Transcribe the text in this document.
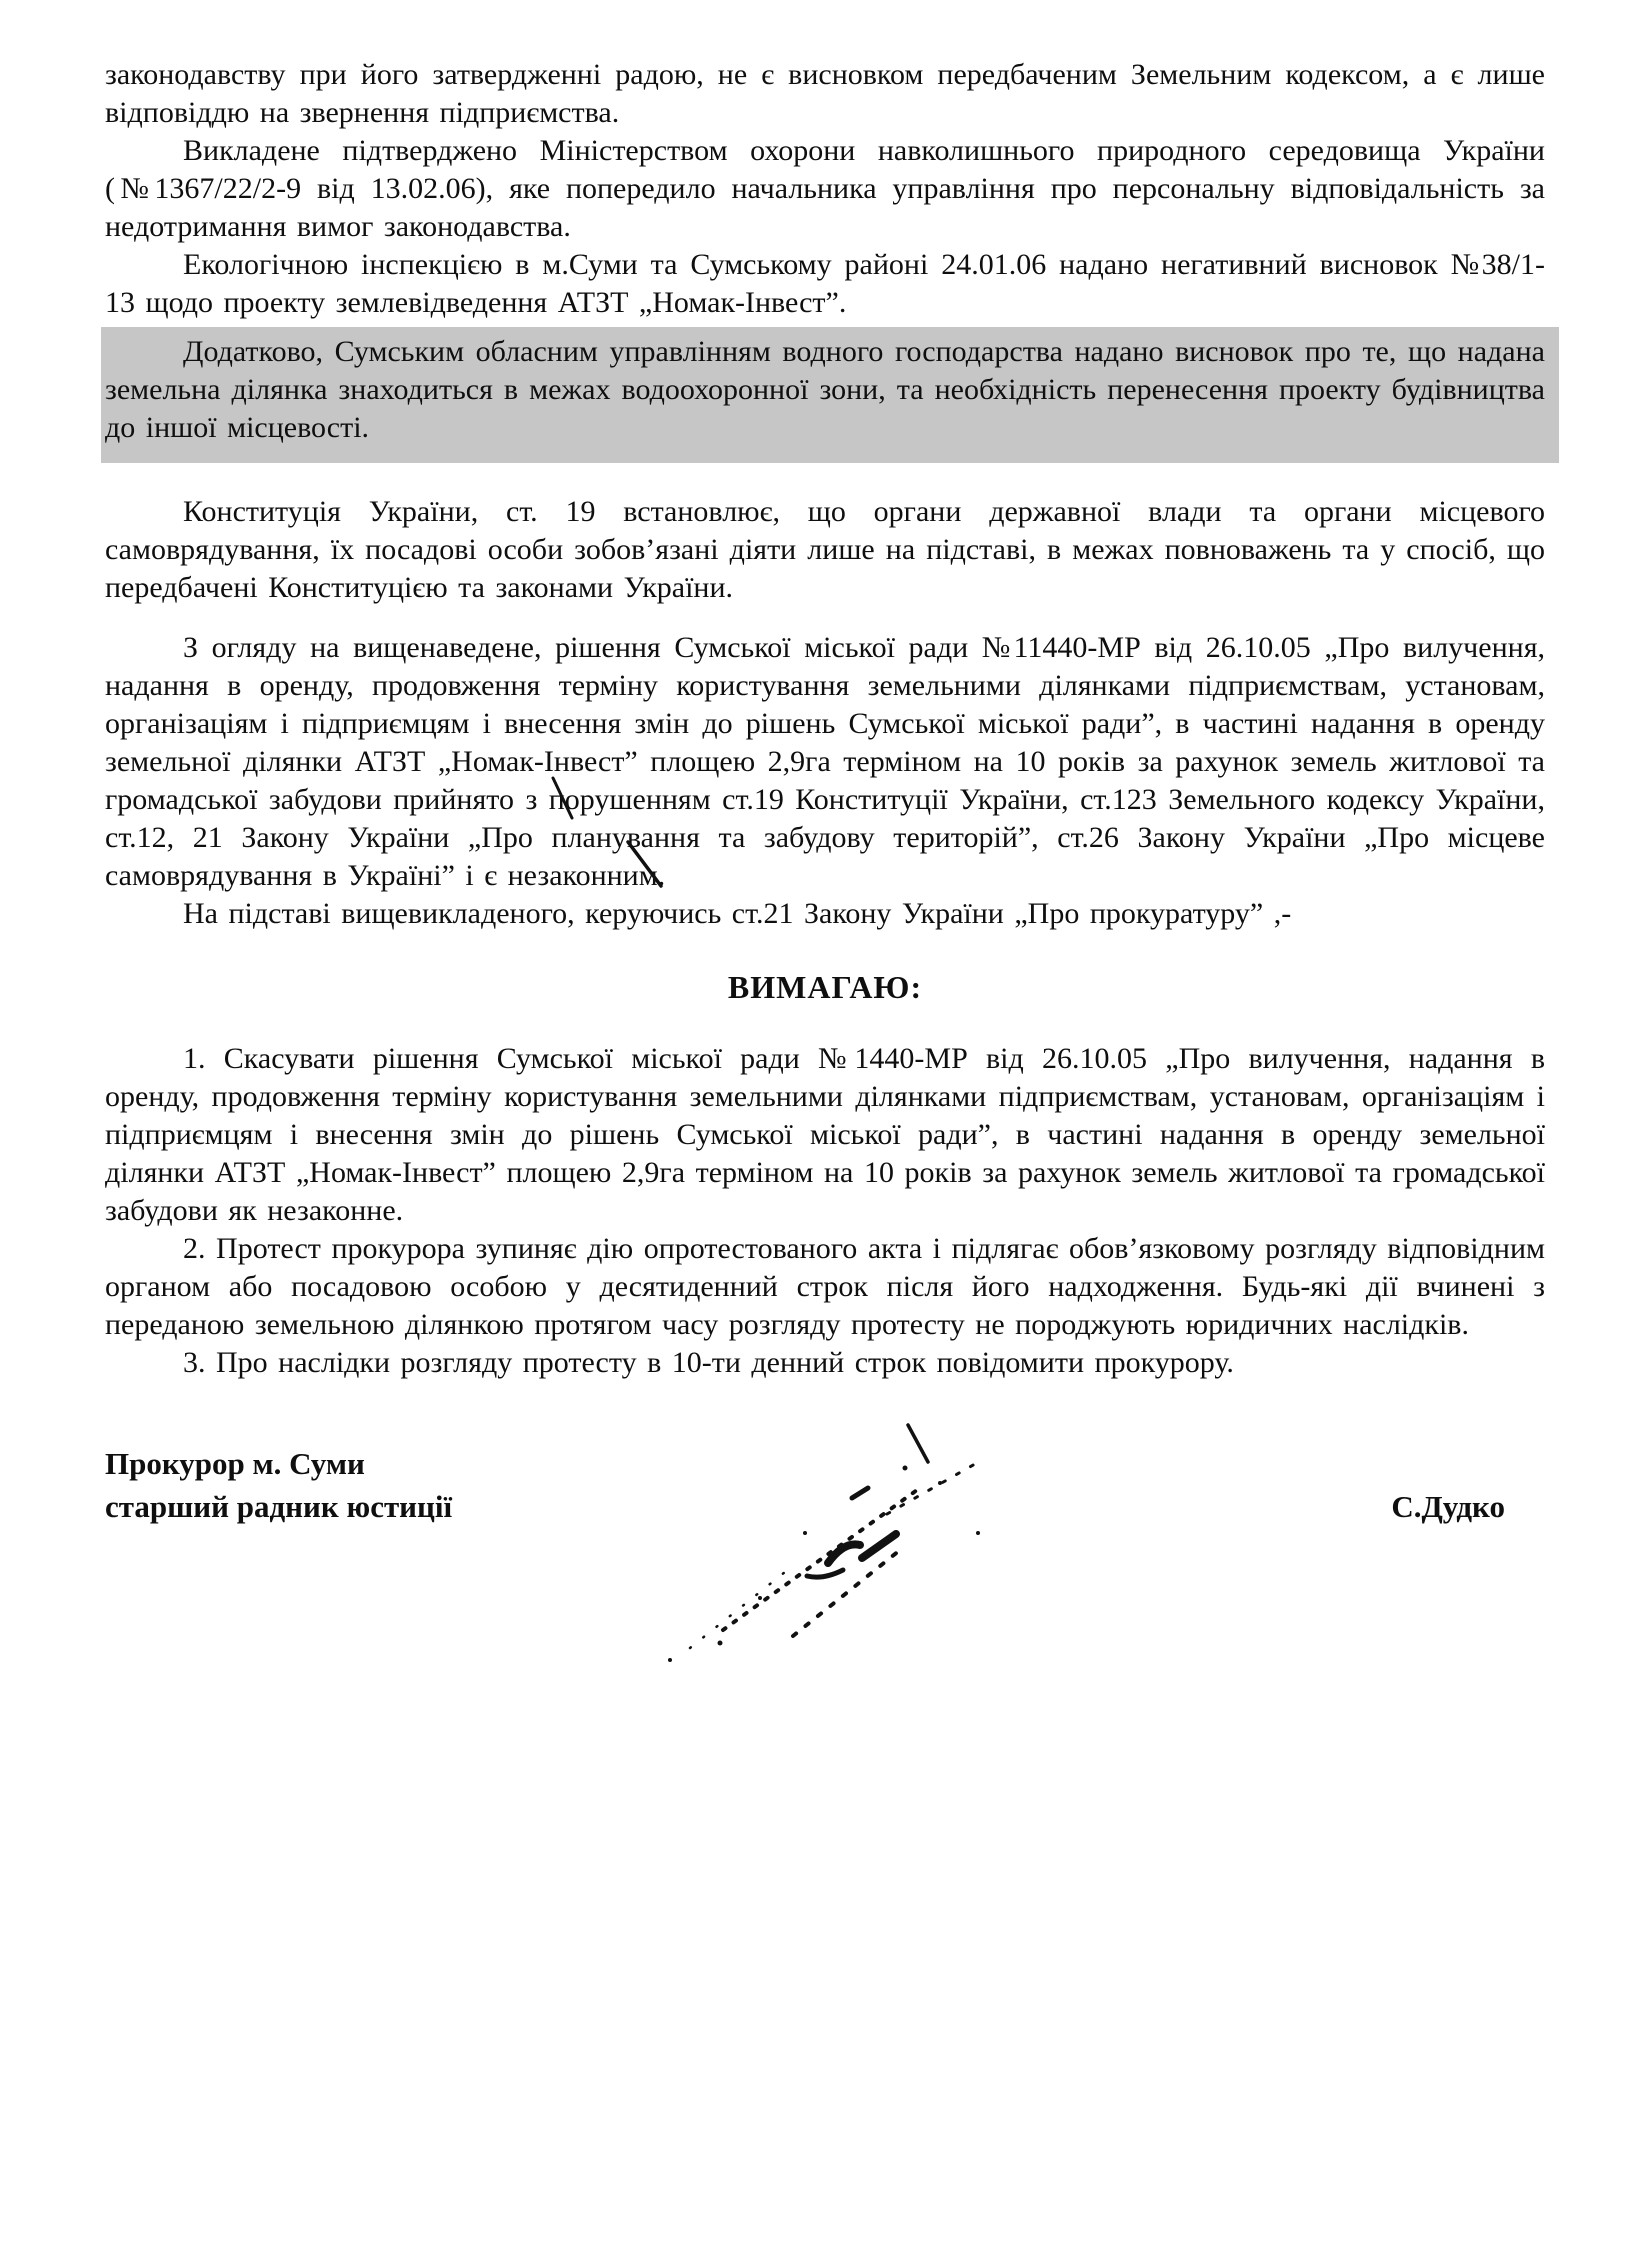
законодавству при його затвердженні радою, не є висновком передбаченим Земельним кодексом, а є лише відповіддю на звернення підприємства.

Викладене підтверджено Міністерством охорони навколишнього природного середовища України (№1367/22/2-9 від 13.02.06), яке попередило начальника управління про персональну відповідальність за недотримання вимог законодавства.

Екологічною інспекцією в м.Суми та Сумському районі 24.01.06 надано негативний висновок №38/1-13 щодо проекту землевідведення АТЗТ „Номак-Інвест”.

Додатково, Сумським обласним управлінням водного господарства надано висновок про те, що надана земельна ділянка знаходиться в межах водоохоронної зони, та необхідність перенесення проекту будівництва до іншої місцевості.

Конституція України, ст. 19 встановлює, що органи державної влади та органи місцевого самоврядування, їх посадові особи зобов’язані діяти лише на підставі, в межах повноважень та у спосіб, що передбачені Конституцією та законами України.

З огляду на вищенаведене, рішення Сумської міської ради №11440-МР від 26.10.05 „Про вилучення, надання в оренду, продовження терміну користування земельними ділянками підприємствам, установам, організаціям і підприємцям і внесення змін до рішень Сумської міської ради”, в частині надання в оренду земельної ділянки АТЗТ „Номак-Інвест” площею 2,9га терміном на 10 років за рахунок земель житлової та громадської забудови прийнято з порушенням ст.19 Конституції України, ст.123 Земельного кодексу України, ст.12, 21 Закону України „Про планування та забудову територій”, ст.26 Закону України „Про місцеве самоврядування в Україні” і є незаконним.

На підставі вищевикладеного, керуючись ст.21 Закону України „Про прокуратуру” ,-

ВИМАГАЮ:

1. Скасувати рішення Сумської міської ради №1440-МР від 26.10.05 „Про вилучення, надання в оренду, продовження терміну користування земельними ділянками підприємствам, установам, організаціям і підприємцям і внесення змін до рішень Сумської міської ради”, в частині надання в оренду земельної ділянки АТЗТ „Номак-Інвест” площею 2,9га терміном на 10 років за рахунок земель житлової та громадської забудови як незаконне.

2. Протест прокурора зупиняє дію опротестованого акта і підлягає обов’язковому розгляду відповідним органом або посадовою особою у десятиденний строк після його надходження. Будь-які дії вчинені з переданою земельною ділянкою протягом часу розгляду протесту не породжують юридичних наслідків.

3. Про наслідки розгляду протесту в 10-ти денний строк повідомити прокурору.

Прокурор м. Суми
старший радник юстиції	С.Дудко
